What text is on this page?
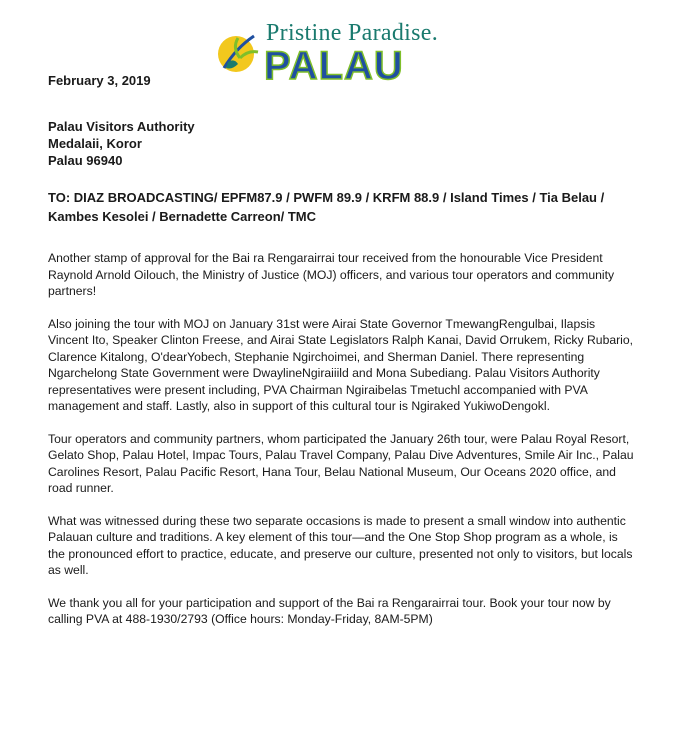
Pristine Paradise.
PALAU
February 3, 2019
Palau Visitors Authority
Medalaii, Koror
Palau 96940
TO: DIAZ BROADCASTING/ EPFM87.9 / PWFM 89.9 / KRFM 88.9 / Island Times / Tia Belau / Kambes Kesolei / Bernadette Carreon/ TMC

Another stamp of approval for the Bai ra Rengarairrai tour received from the honourable Vice President Raynold Arnold Oilouch, the Ministry of Justice (MOJ) officers, and various tour operators and community partners!

Also joining the tour with MOJ on January 31st were Airai State Governor TmewangRengulbai, Ilapsis Vincent Ito, Speaker Clinton Freese, and Airai State Legislators Ralph Kanai, David Orrukem, Ricky Rubario, Clarence Kitalong, O'dearYobech, Stephanie Ngirchoimei, and Sherman Daniel. There representing Ngarchelong State Government were DwaylineNgiraiiild and Mona Subediang. Palau Visitors Authority representatives were present including, PVA Chairman Ngiraibelas Tmetuchl accompanied with PVA management and staff. Lastly, also in support of this cultural tour is Ngiraked YukiwoDengokl.

Tour operators and community partners, whom participated the January 26th tour, were Palau Royal Resort, Gelato Shop, Palau Hotel, Impac Tours, Palau Travel Company, Palau Dive Adventures, Smile Air Inc., Palau Carolines Resort, Palau Pacific Resort, Hana Tour, Belau National Museum, Our Oceans 2020 office, and road runner.

What was witnessed during these two separate occasions is made to present a small window into authentic Palauan culture and traditions. A key element of this tour—and the One Stop Shop program as a whole, is the pronounced effort to practice, educate, and preserve our culture, presented not only to visitors, but locals as well.

We thank you all for your participation and support of the Bai ra Rengarairrai tour. Book your tour now by calling PVA at 488-1930/2793 (Office hours: Monday-Friday, 8AM-5PM)
